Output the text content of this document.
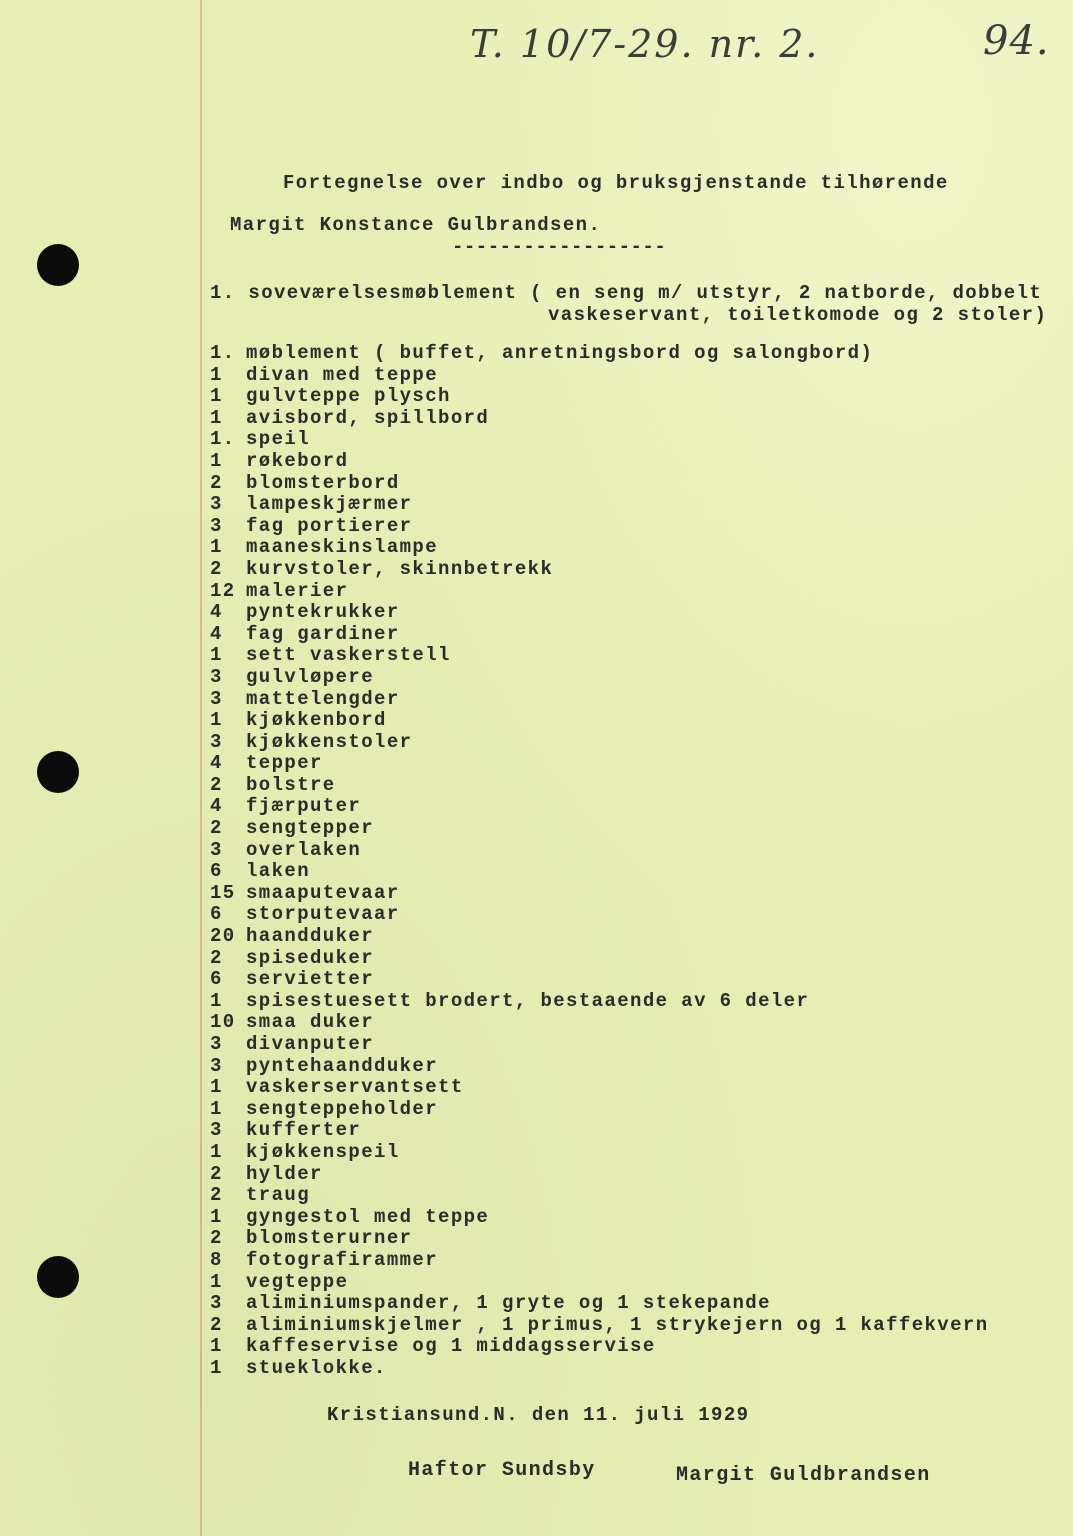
T. 10/7-29. nr. 2.	94.
Fortegnelse over indbo og bruksgjenstande tilhørende
Margit Konstance Gulbrandsen.
------------------
1. soveværelsesmøblement ( en seng m/ utstyr, 2 natborde, dobbelt
vaskeservant, toiletkomode og 2 stoler)
1. møblement ( buffet, anretningsbord og salongbord)
1 divan med teppe
1 gulvteppe plysch
1 avisbord, spillbord
1. speil
1 røkebord
2 blomsterbord
3 lampeskjærmer
3 fag portierer
1 maaneskinslampe
2 kurvstoler, skinnbetrekk
12 malerier
4 pyntekrukker
4 fag gardiner
1 sett vaskerstell
3 gulvløpere
3 mattelengder
1 kjøkkenbord
3 kjøkkenstoler
4 tepper
2 bolstre
4 fjærputer
2 sengtepper
3 overlaken
6 laken
15 smaaputevaar
6 storputevaar
20 haandduker
2 spiseduker
6 servietter
1 spisestuesett brodert, bestaaende av 6 deler
10 smaa duker
3 divanputer
3 pyntehaandduker
1 vaskerservantsett
1 sengteppeholder
3 kufferter
1 kjøkkenspeil
2 hylder
2 traug
1 gyngestol med teppe
2 blomsterurner
8 fotografirammer
1 vegteppe
3 aliminiumspander, 1 gryte og 1 stekepande
2 aliminiumskjelmer , 1 primus, 1 strykejern og 1 kaffekvern
1 kaffeservise og 1 middagsservise
1 stueklokke.
Kristiansund.N. den 11. juli 1929
Haftor Sundsby	Margit Guldbrandsen
